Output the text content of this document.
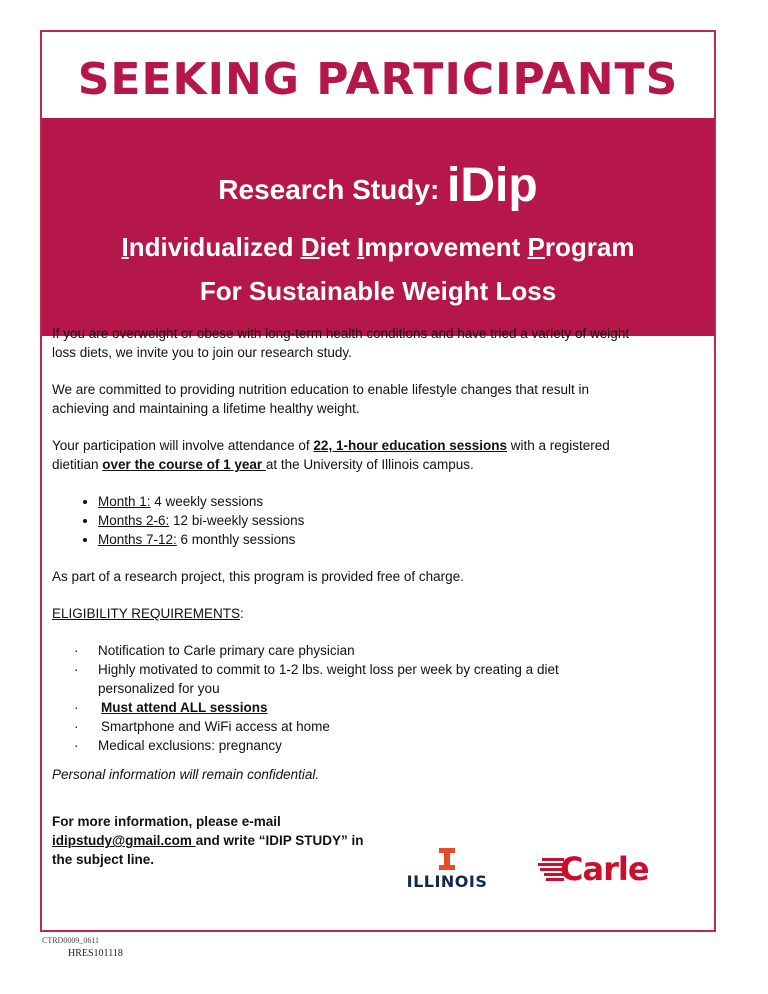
SEEKING PARTICIPANTS
Research Study: iDip
Individualized Diet Improvement Program
For Sustainable Weight Loss

If you are overweight or obese with long-term health conditions and have tried a variety of weight loss diets, we invite you to join our research study.

We are committed to providing nutrition education to enable lifestyle changes that result in achieving and maintaining a lifetime healthy weight.

Your participation will involve attendance of 22, 1-hour education sessions with a registered dietitian over the course of 1 year at the University of Illinois campus.

• Month 1: 4 weekly sessions
• Months 2-6: 12 bi-weekly sessions
• Months 7-12: 6 monthly sessions

As part of a research project, this program is provided free of charge.

ELIGIBILITY REQUIREMENTS:

· Notification to Carle primary care physician
· Highly motivated to commit to 1-2 lbs. weight loss per week by creating a diet personalized for you
· Must attend ALL sessions
· Smartphone and WiFi access at home
· Medical exclusions: pregnancy

Personal information will remain confidential.

For more information, please e-mail
idipstudy@gmail.com and write “IDIP STUDY” in the subject line.
ILLINOIS	Carle
CTRD0009_0611
HRES101118
